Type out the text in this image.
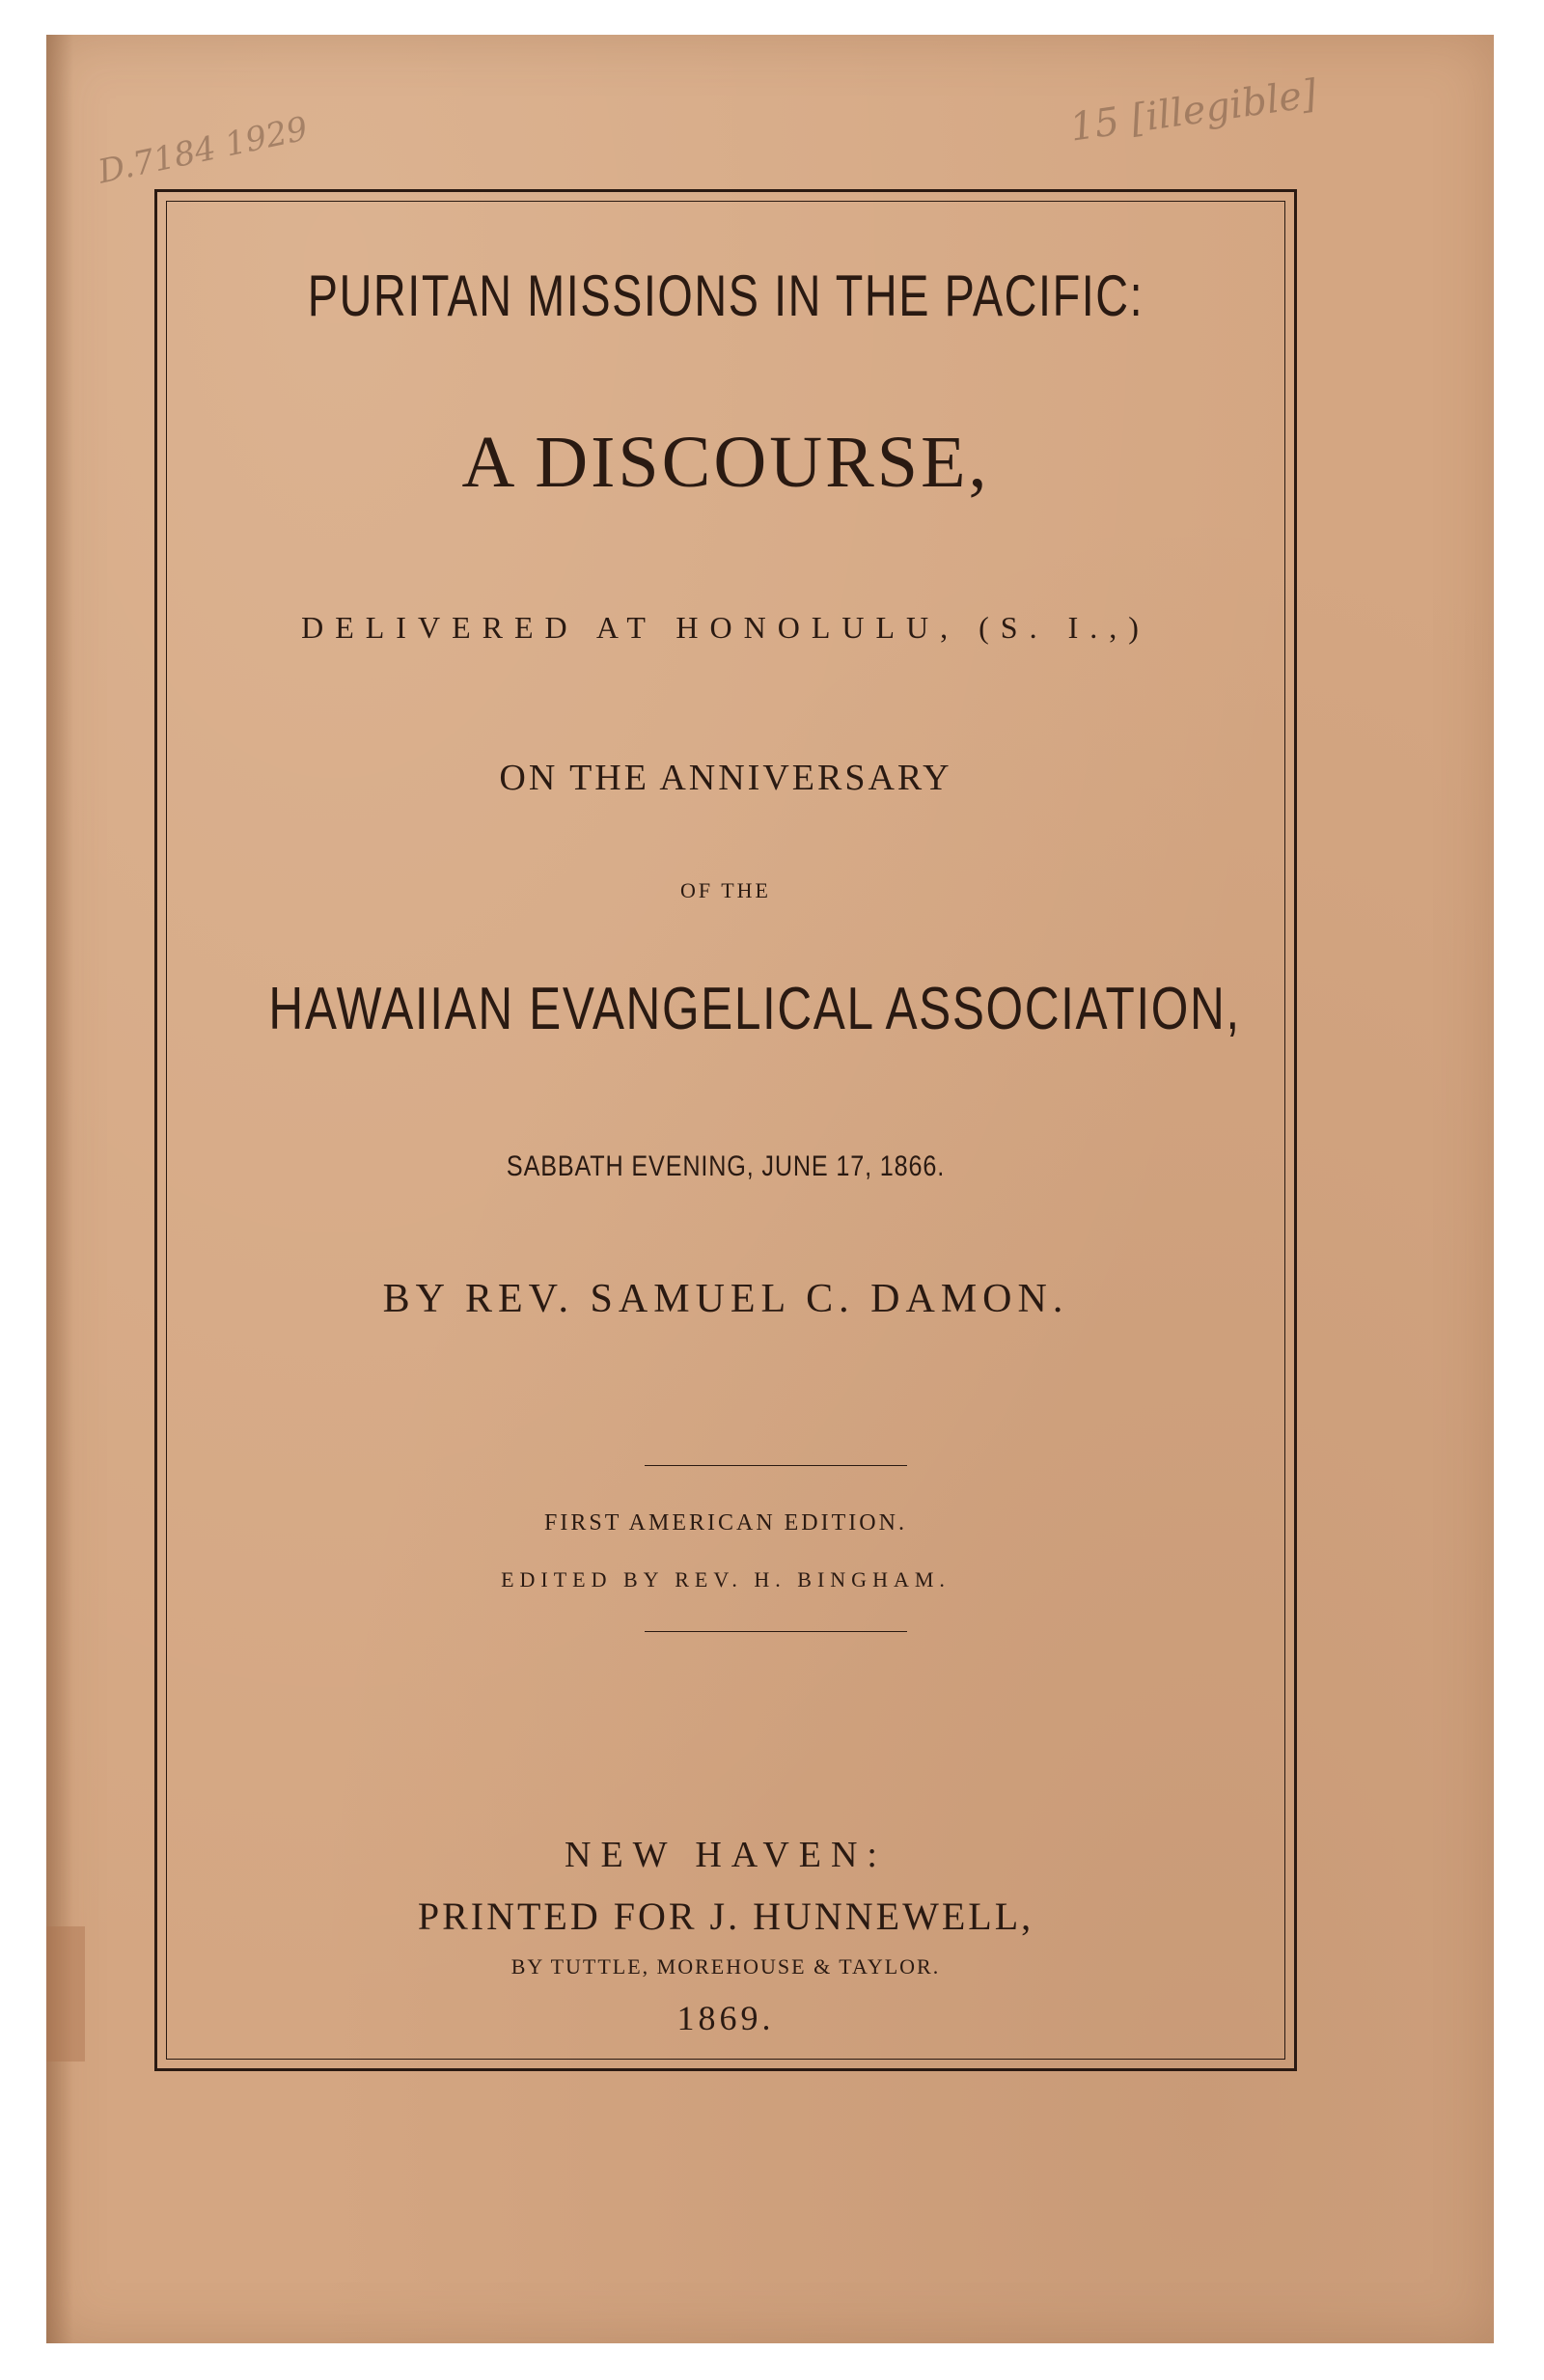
D.7184 1929	15 [illegible]
PURITAN MISSIONS IN THE PACIFIC:
A DISCOURSE,
DELIVERED AT HONOLULU, (S. I.,)
ON THE ANNIVERSARY
OF THE
HAWAIIAN EVANGELICAL ASSOCIATION,
SABBATH EVENING, JUNE 17, 1866.
BY REV. SAMUEL C. DAMON.
FIRST AMERICAN EDITION.
EDITED BY REV. H. BINGHAM.
NEW HAVEN:
PRINTED FOR J. HUNNEWELL,
BY TUTTLE, MOREHOUSE & TAYLOR.
1869.
